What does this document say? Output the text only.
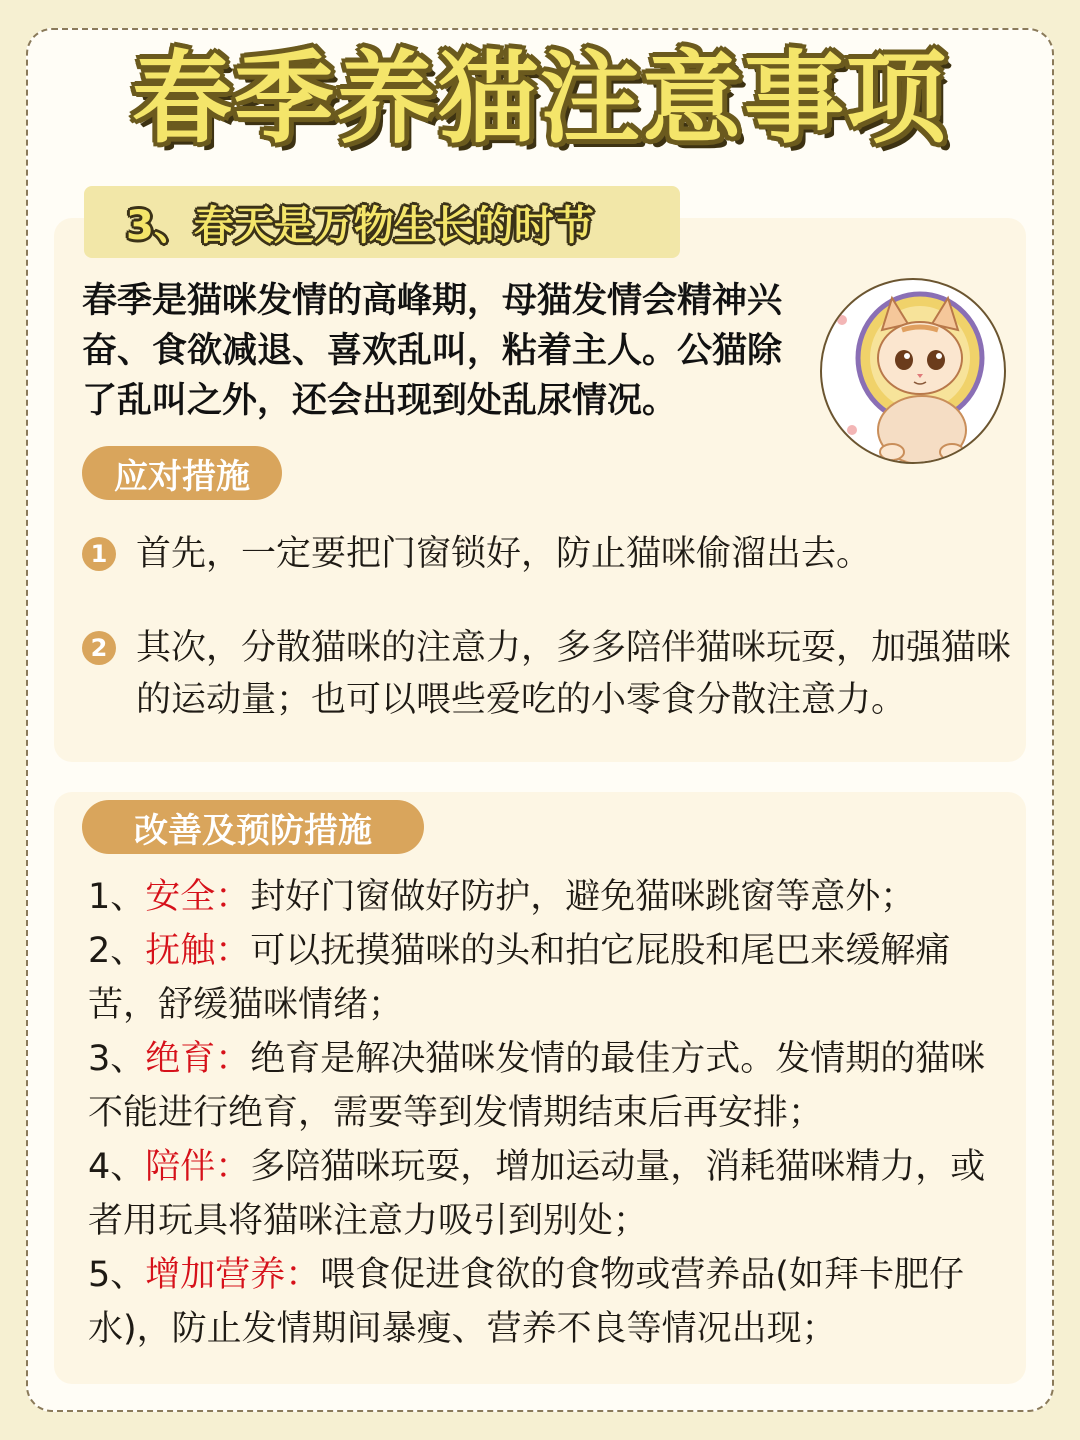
春季养猫注意事项
3、春天是万物生长的时节
春季是猫咪发情的高峰期，母猫发情会精神兴奋、食欲减退、喜欢乱叫，粘着主人。公猫除了乱叫之外，还会出现到处乱尿情况。
应对措施
1 首先，一定要把门窗锁好，防止猫咪偷溜出去。
2 其次，分散猫咪的注意力，多多陪伴猫咪玩耍，加强猫咪的运动量；也可以喂些爱吃的小零食分散注意力。
改善及预防措施
1、安全：封好门窗做好防护，避免猫咪跳窗等意外；
2、抚触：可以抚摸猫咪的头和拍它屁股和尾巴来缓解痛苦，舒缓猫咪情绪；
3、绝育：绝育是解决猫咪发情的最佳方式。发情期的猫咪不能进行绝育，需要等到发情期结束后再安排；
4、陪伴：多陪猫咪玩耍，增加运动量，消耗猫咪精力，或者用玩具将猫咪注意力吸引到别处；
5、增加营养：喂食促进食欲的食物或营养品(如拜卡肥仔水)，防止发情期间暴瘦、营养不良等情况出现；
